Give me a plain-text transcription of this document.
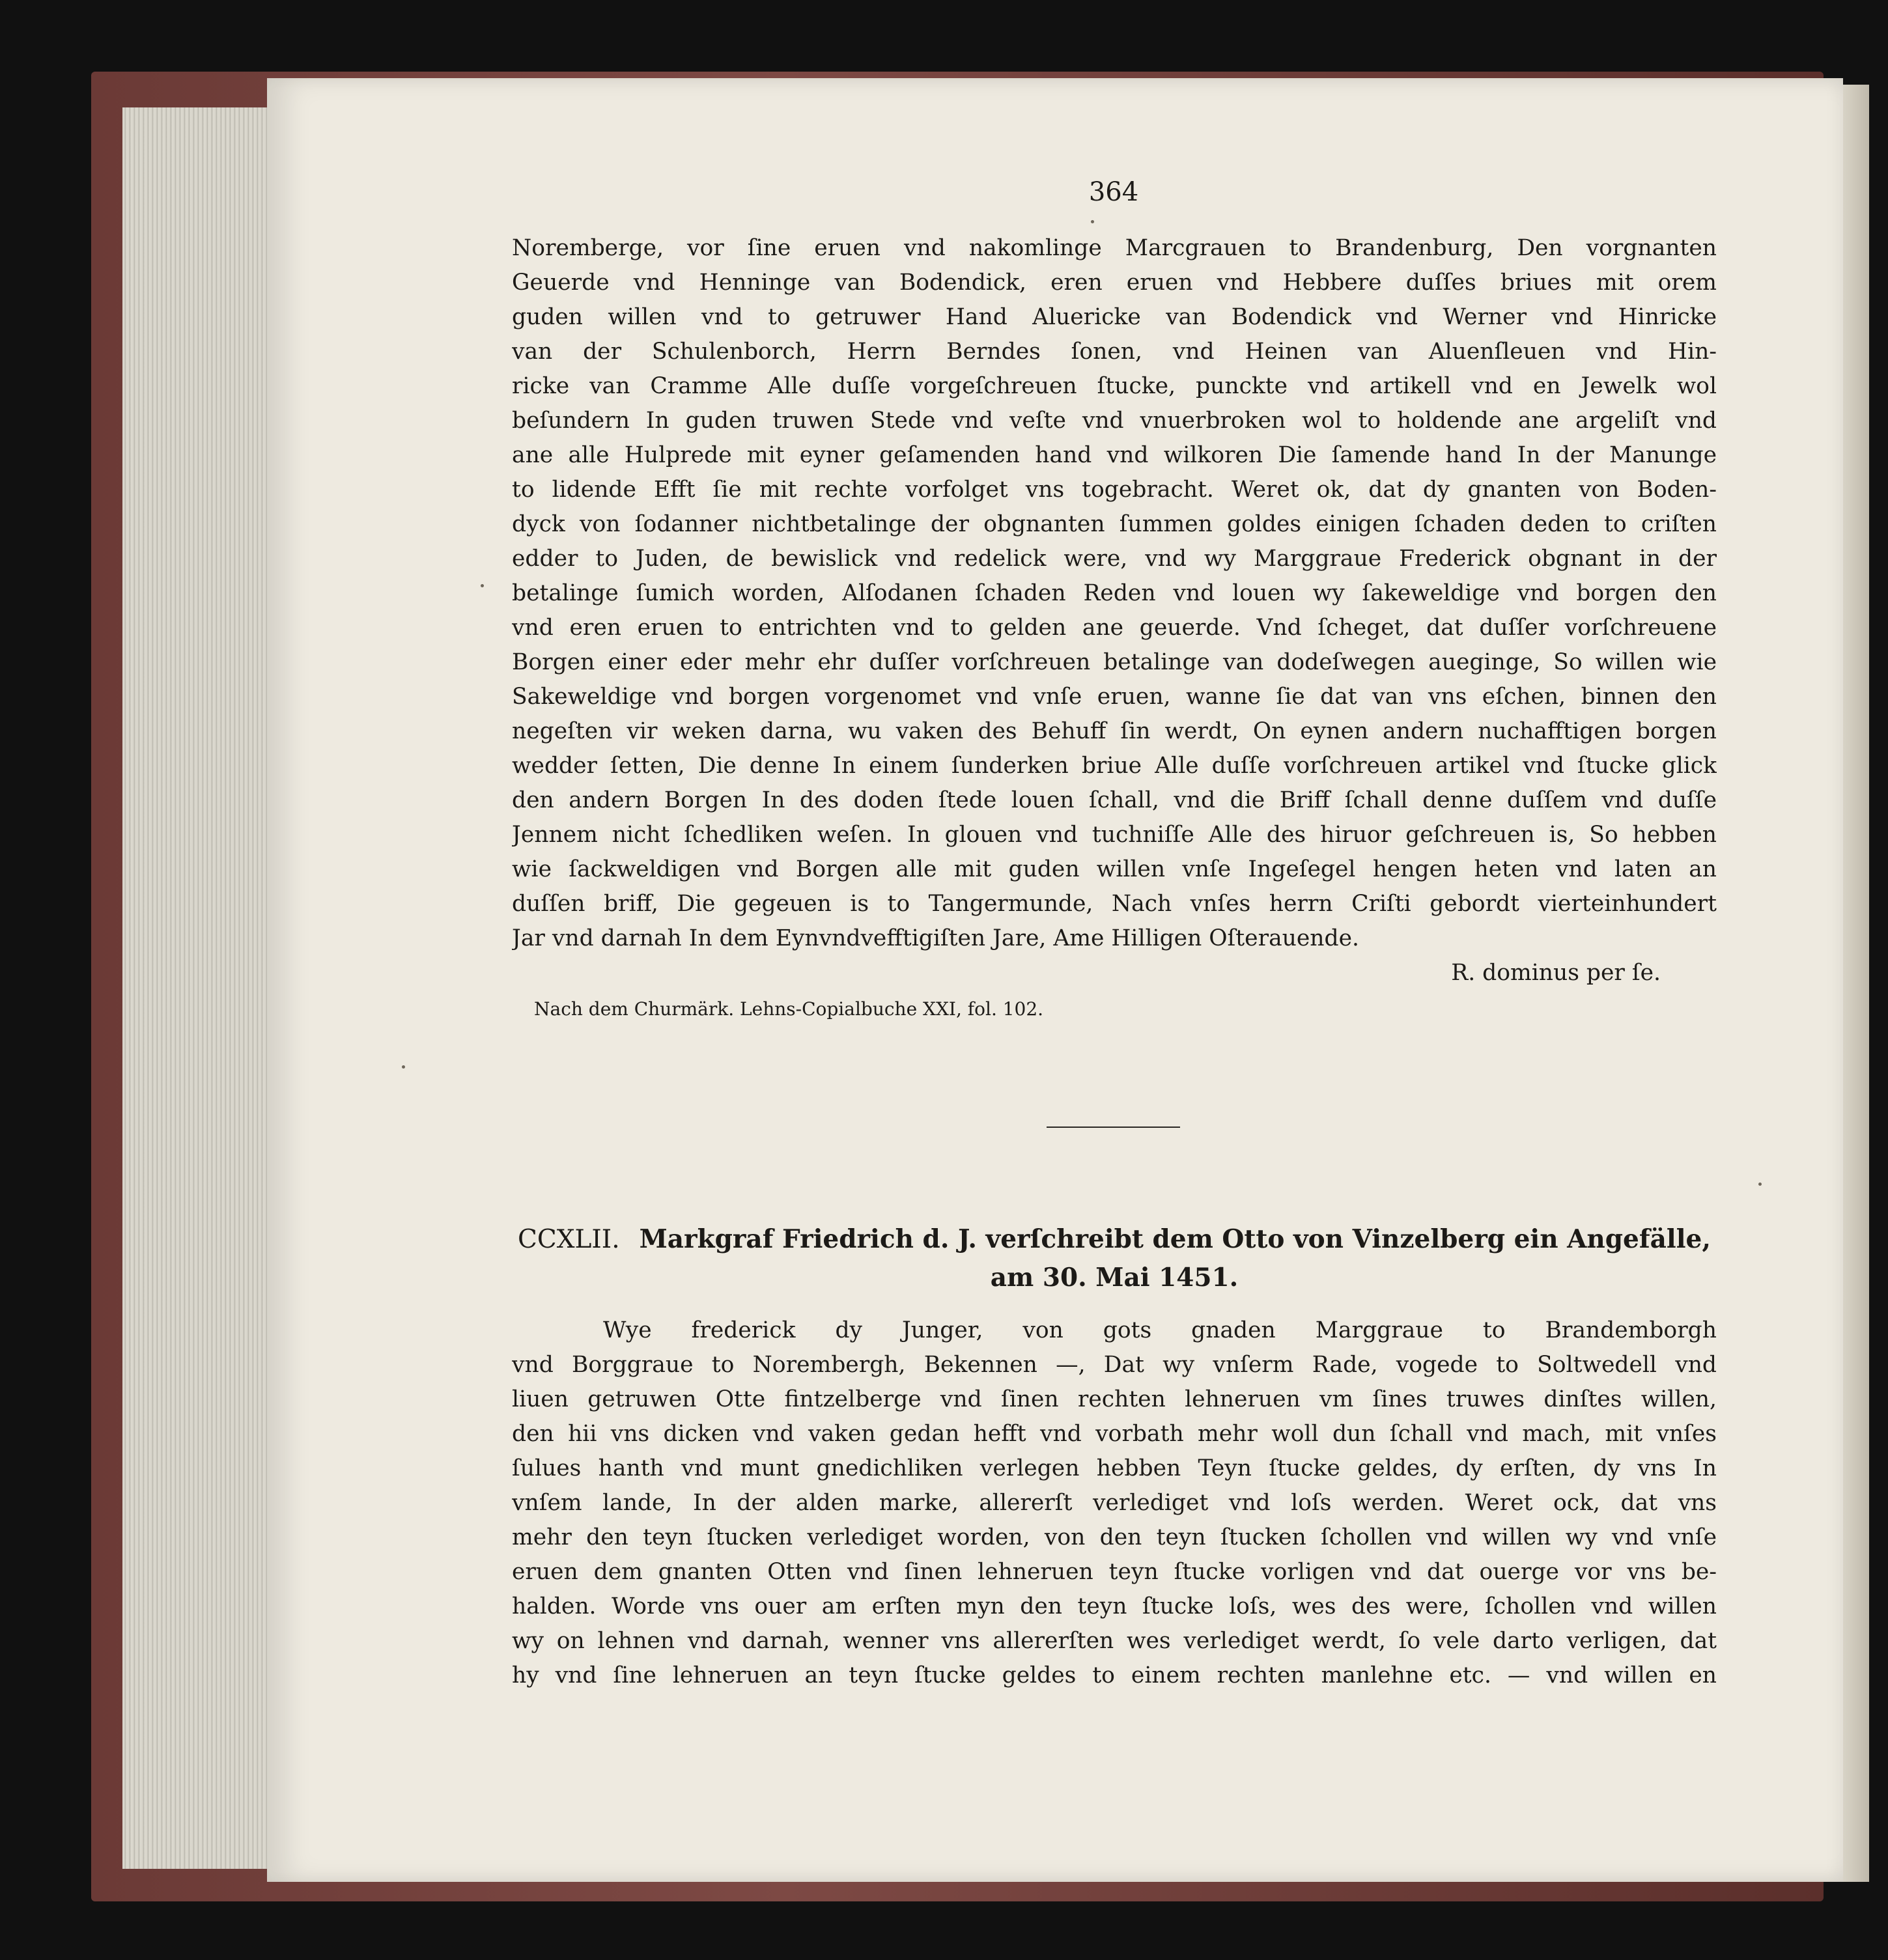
364
Noremberge, vor ſine eruen vnd nakomlinge Marcgrauen to Brandenburg, Den vorgnanten
Geuerde vnd Henninge van Bodendick, eren eruen vnd Hebbere duſſes briues mit orem
guden willen vnd to getruwer Hand Aluericke van Bodendick vnd Werner vnd Hinricke
van der Schulenborch, Herrn Berndes ſonen, vnd Heinen van Aluenſleuen vnd Hin-
ricke van Cramme Alle duſſe vorgeſchreuen ſtucke, punckte vnd artikell vnd en Jewelk wol
beſundern In guden truwen Stede vnd veſte vnd vnuerbroken wol to holdende ane argeliſt vnd
ane alle Hulprede mit eyner geſamenden hand vnd wilkoren Die ſamende hand In der Manunge
to lidende Efft ſie mit rechte vorfolget vns togebracht. Weret ok, dat dy gnanten von Boden-
dyck von ſodanner nichtbetalinge der obgnanten ſummen goldes einigen ſchaden deden to criſten
edder to Juden, de bewislick vnd redelick were, vnd wy Marggraue Frederick obgnant in der
betalinge ſumich worden, Alſodanen ſchaden Reden vnd louen wy ſakeweldige vnd borgen den
vnd eren eruen to entrichten vnd to gelden ane geuerde. Vnd ſcheget, dat duſſer vorſchreuene
Borgen einer eder mehr ehr duſſer vorſchreuen betalinge van dodeſwegen auegingе, So willen wie
Sakeweldige vnd borgen vorgenomet vnd vnſe eruen, wanne ſie dat van vns eſchen, binnen den
negeſten vir weken darna, wu vaken des Behuff ſin werdt, On eynen andern nuchafftigen borgen
wedder ſetten, Die denne In einem ſunderken briue Alle duſſe vorſchreuen artikel vnd ſtucke glick
den andern Borgen In des doden ſtede louen ſchall, vnd die Briff ſchall denne duſſem vnd duſſe
Jennem nicht ſchedliken weſen. In glouen vnd tuchniſſe Alle des hiruor geſchreuen is, So hebben
wie ſackweldigen vnd Borgen alle mit guden willen vnſe Ingeſegel hengen heten vnd laten an
duſſen briff, Die gegeuen is to Tangermunde, Nach vnſes herrn Criſti gebordt vierteinhundert
Jar vnd darnah In dem Eynvndvefftigiſten Jare, Ame Hilligen Oſterauende.
R. dominus per ſe.
Nach dem Churmärk. Lehns-Copialbuche XXI, fol. 102.
CCXLII. Markgraf Friedrich d. J. verſchreibt dem Otto von Vinzelberg ein Angefälle,
am 30. Mai 1451.
Wye frederick dy Junger, von gots gnaden Marggraue to Brandemborgh
vnd Borggraue to Norembergh, Bekennen —, Dat wy vnſerm Rade, vogede to Soltwedell vnd
liuen getruwen Otte fintzelberge vnd ſinen rechten lehneruen vm ſines truwes dinſtes willen,
den hii vns dicken vnd vaken gedan hefft vnd vorbath mehr woll dun ſchall vnd mach, mit vnſes
ſulues hanth vnd munt gnedichliken verlegen hebben Teyn ſtucke geldes, dy erſten, dy vns In
vnſem lande, In der alden marke, allererſt verlediget vnd loſs werden. Weret ock, dat vns
mehr den teyn ſtucken verlediget worden, von den teyn ſtucken ſchollen vnd willen wy vnd vnſe
eruen dem gnanten Otten vnd ſinen lehneruen teyn ſtucke vorligen vnd dat ouerge vor vns be-
halden. Worde vns ouer am erſten myn den teyn ſtucke loſs, wes des were, ſchollen vnd willen
wy on lehnen vnd darnah, wenner vns allererſten wes verlediget werdt, ſo vele darto verligen, dat
hy vnd ſine lehneruen an teyn ſtucke geldes to einem rechten manlehne etc. — vnd willen en
